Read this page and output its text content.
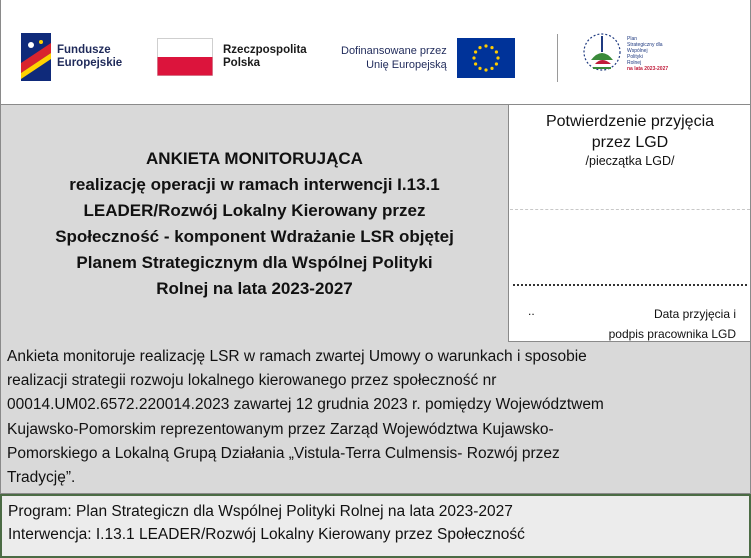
Fundusze
Europejskie
Rzeczpospolita
Polska
Dofinansowane przez
Unię Europejską
Plan
Strategiczny dla
Wspólnej
Polityki
Rolnej
na lata 2023-2027
ANKIETA MONITORUJĄCA
realizację operacji w ramach interwencji I.13.1
LEADER/Rozwój Lokalny Kierowany przez
Społeczność - komponent Wdrażanie LSR objętej
Planem Strategicznym dla Wspólnej Polityki
Rolnej na lata 2023-2027
Potwierdzenie przyjęcia
przez LGD
/pieczątka LGD/
..	Data przyjęcia i
podpis pracownika LGD
Ankieta monitoruje realizację LSR w ramach zwartej Umowy o warunkach i sposobie
realizacji strategii rozwoju lokalnego kierowanego przez społeczność nr
00014.UM02.6572.220014.2023 zawartej 12 grudnia 2023 r. pomiędzy Województwem
Kujawsko-Pomorskim reprezentowanym przez Zarząd Województwa Kujawsko-
Pomorskiego a Lokalną Grupą Działania „Vistula-Terra Culmensis- Rozwój przez
Tradycję”.
Program: Plan Strategiczn dla Wspólnej Polityki Rolnej na lata 2023-2027
Interwencja: I.13.1 LEADER/Rozwój Lokalny Kierowany przez Społeczność
